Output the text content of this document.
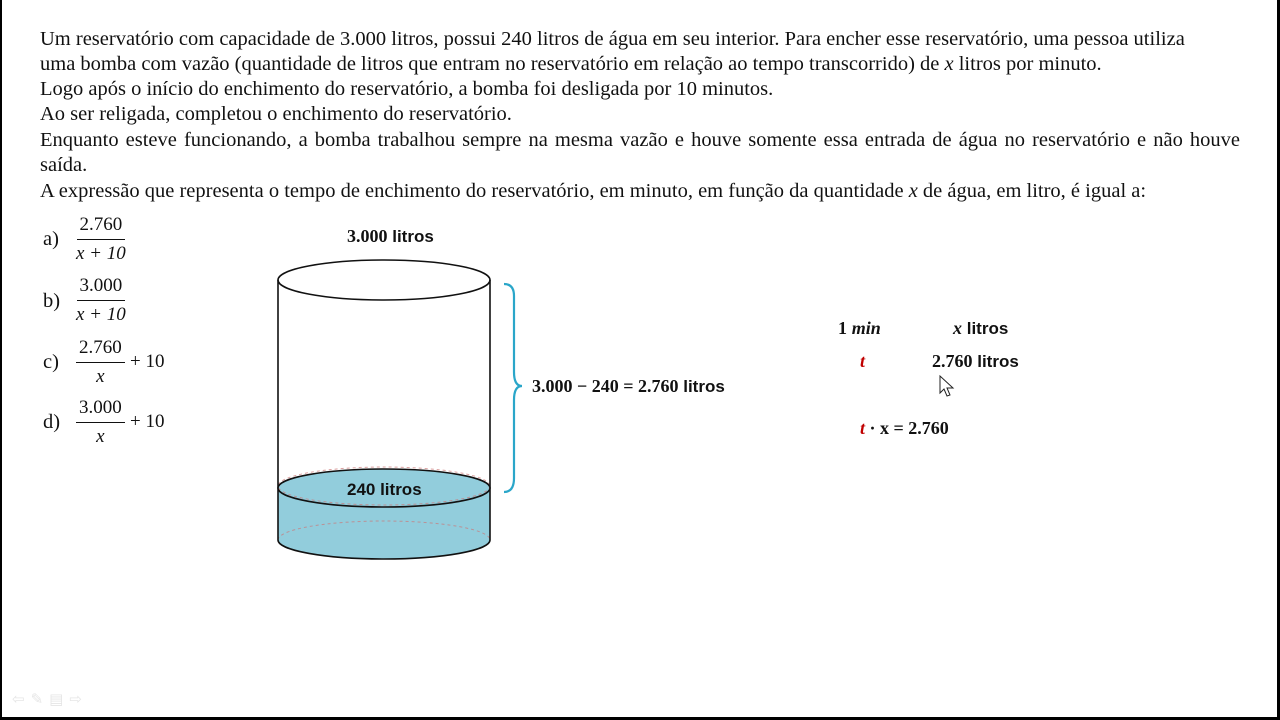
Um reservatório com capacidade de 3.000 litros, possui 240 litros de água em seu interior. Para encher esse reservatório, uma pessoa utiliza

uma bomba com vazão (quantidade de litros que entram no reservatório em relação ao tempo transcorrido) de x litros por minuto.

Logo após o início do enchimento do reservatório, a bomba foi desligada por 10 minutos.

Ao ser religada, completou o enchimento do reservatório.

Enquanto esteve funcionando, a bomba trabalhou sempre na mesma vazão e houve somente essa entrada de água no reservatório e não houve saída.

A expressão que representa o tempo de enchimento do reservatório, em minuto, em função da quantidade x de água, em litro, é igual a:

$a) \frac{2.760}{x + 10}$
$b) \frac{3.000}{x + 10}$
$c) \frac{2.760}{x} + 10$
$d) \frac{3.000}{x} + 10$
3.000 litros
240 litros
3.000 − 240 = 2.760 litros
1 min	x litros
t	2.760 litros
t · x = 2.760
⇦ ✎ ▤ ⇨
